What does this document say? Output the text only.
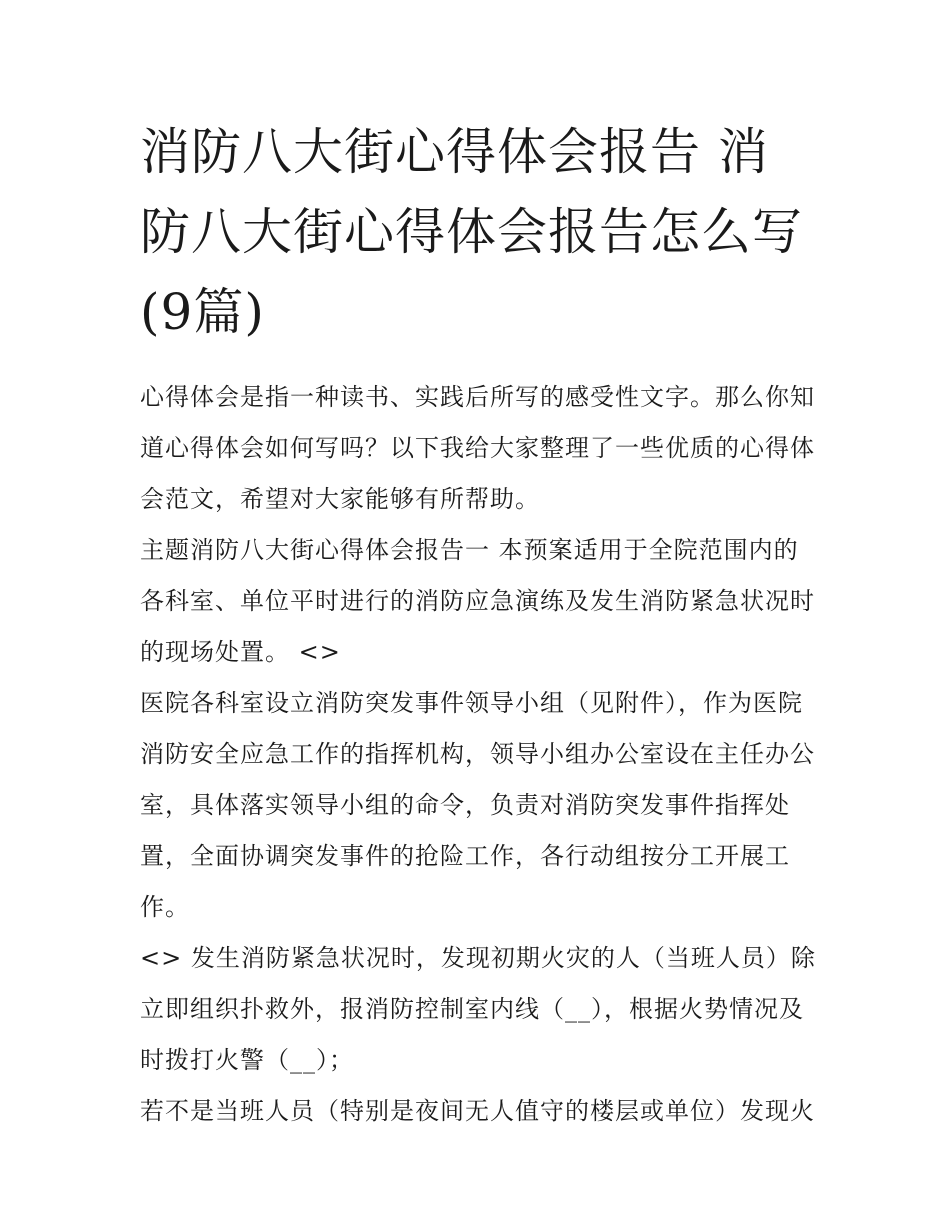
消防八大街心得体会报告 消防八大街心得体会报告怎么写(9篇)

心得体会是指一种读书、实践后所写的感受性文字。那么你知道心得体会如何写吗？以下我给大家整理了一些优质的心得体会范文，希望对大家能够有所帮助。

主题消防八大街心得体会报告一 本预案适用于全院范围内的各科室、单位平时进行的消防应急演练及发生消防紧急状况时的现场处置。 <>

医院各科室设立消防突发事件领导小组（见附件），作为医院消防安全应急工作的指挥机构，领导小组办公室设在主任办公室，具体落实领导小组的命令，负责对消防突发事件指挥处置，全面协调突发事件的抢险工作，各行动组按分工开展工作。

<> 发生消防紧急状况时，发现初期火灾的人（当班人员）除立即组织扑救外，报消防控制室内线（__），根据火势情况及时拨打火警（__）；

若不是当班人员（特别是夜间无人值守的楼层或单位）发现火
